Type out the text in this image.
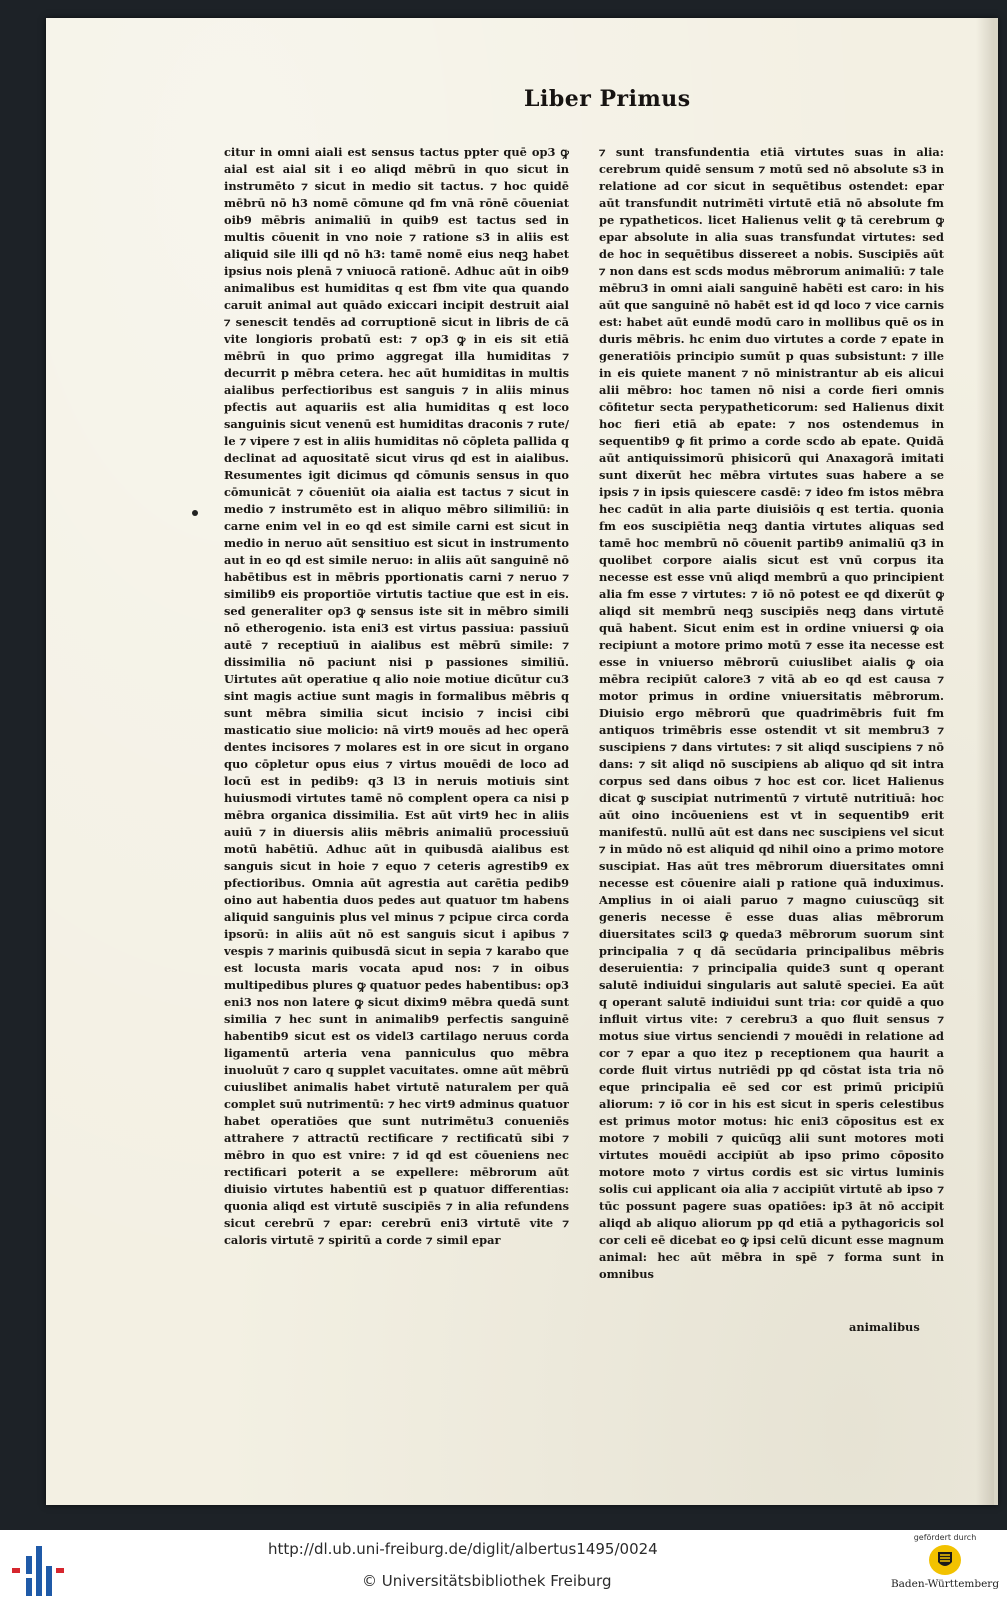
Liber Primus

citur in omni aiali est sensus tactus ppter quē op3 ꝙ aial est aial sit i eo aliqd mēbrū in quo sicut in instrumēto ⁊ sicut in medio sit tactus. ⁊ hoc quidē mēbrū nō h3 nomē cōmune qd fm vnā rōnē cōueniat oib9 mēbris animaliū in quib9 est tactus sed in multis cōuenit in vno noie ⁊ ratione s3 in aliis est aliquid sile illi qd nō h3: tamē nomē eius neqꝫ habet ipsius nois plenā ⁊ vniuocā rationē. Adhuc aūt in oib9 animalibus est humiditas q est fbm vite qua quando caruit animal aut quādo exiccari incipit destruit aial ⁊ senescit tendēs ad corruptionē sicut in libris de cā vite longioris probatū est: ⁊ op3 ꝙ in eis sit etiā mēbrū in quo primo aggregat illa humiditas ⁊ decurrit p mēbra cetera. hec aūt humiditas in multis aialibus perfectioribus est sanguis ⁊ in aliis minus pfectis aut aquariis est alia humiditas q est loco sanguinis sicut venenū est humiditas draconis ⁊ rute/ le ⁊ vipere ⁊ est in aliis humiditas nō cōpleta pallida q declinat ad aquositatē sicut virus qd est in aialibus. Resumentes igit dicimus qd cōmunis sensus in quo cōmunicāt ⁊ cōueniūt oia aialia est tactus ⁊ sicut in medio ⁊ instrumēto est in aliquo mēbro silimiliū: in carne enim vel in eo qd est simile carni est sicut in medio in neruo aūt sensitiuo est sicut in instrumento aut in eo qd est simile neruo: in aliis aūt sanguinē nō habētibus est in mēbris pportionatis carni ⁊ neruo ⁊ similib9 eis proportiōe virtutis tactiue que est in eis. sed generaliter op3 ꝙ sensus iste sit in mēbro simili nō etherogenio. ista eni3 est virtus passiua: passiuū autē ⁊ receptiuū in aialibus est mēbrū simile: ⁊ dissimilia nō paciunt nisi p passiones similiū. Uirtutes aūt operatiue q alio noie motiue dicūtur cu3 sint magis actiue sunt magis in formalibus mēbris q sunt mēbra similia sicut incisio ⁊ incisi cibi masticatio siue molicio: nā virt9 mouēs ad hec operā dentes incisores ⁊ molares est in ore sicut in organo quo cōpletur opus eius ⁊ virtus mouēdi de loco ad locū est in pedib9: q3 l3 in neruis motiuis sint huiusmodi virtutes tamē nō complent opera ca nisi p mēbra organica dissimilia. Est aūt virt9 hec in aliis auiū ⁊ in diuersis aliis mēbris animaliū processiuū motū habētiū. Adhuc aūt in quibusdā aialibus est sanguis sicut in hoie ⁊ equo ⁊ ceteris agrestib9 ex pfectioribus. Omnia aūt agrestia aut carētia pedib9 oino aut habentia duos pedes aut quatuor tm habens aliquid sanguinis plus vel minus ⁊ pcipue circa corda ipsorū: in aliis aūt nō est sanguis sicut i apibus ⁊ vespis ⁊ marinis quibusdā sicut in sepia ⁊ karabo que est locusta maris vocata apud nos: ⁊ in oibus multipedibus plures ꝙ quatuor pedes habentibus: op3 eni3 nos non latere ꝙ sicut dixim9 mēbra quedā sunt similia ⁊ hec sunt in animalib9 perfectis sanguinē habentib9 sicut est os videl3 cartilago neruus corda ligamentū arteria vena panniculus quo mēbra inuoluūt ⁊ caro q supplet vacuitates. omne aūt mēbrū cuiuslibet animalis habet virtutē naturalem per quā complet suū nutrimentū: ⁊ hec virt9 adminus quatuor habet operatiōes que sunt nutrimētu3 conueniēs attrahere ⁊ attractū rectificare ⁊ rectificatū sibi ⁊ mēbro in quo est vnire: ⁊ id qd est cōueniens nec rectificari poterit a se expellere: mēbrorum aūt diuisio virtutes habentiū est p quatuor differentias: quonia aliqd est virtutē suscipiēs ⁊ in alia refundens sicut cerebrū ⁊ epar: cerebrū eni3 virtutē vite ⁊ caloris virtutē ⁊ spiritū a corde ⁊ simil epar

⁊ sunt transfundentia etiā virtutes suas in alia: cerebrum quidē sensum ⁊ motū sed nō absolute s3 in relatione ad cor sicut in sequētibus ostendet: epar aūt transfundit nutrimēti virtutē etiā nō absolute fm pe rypatheticos. licet Halienus velit ꝙ tā cerebrum ꝙ epar absolute in alia suas transfundat virtutes: sed de hoc in sequētibus dissereet a nobis. Suscipiēs aūt ⁊ non dans est scds modus mēbrorum animaliū: ⁊ tale mēbru3 in omni aiali sanguinē habēti est caro: in his aūt que sanguinē nō habēt est id qd loco ⁊ vice carnis est: habet aūt eundē modū caro in mollibus quē os in duris mēbris. hc enim duo virtutes a corde ⁊ epate in generatiōis principio sumūt p quas subsistunt: ⁊ ille in eis quiete manent ⁊ nō ministrantur ab eis alicui alii mēbro: hoc tamen nō nisi a corde fieri omnis cōfitetur secta perypatheticorum: sed Halienus dixit hoc fieri etiā ab epate: ⁊ nos ostendemus in sequentib9 ꝙ fit primo a corde scdo ab epate. Quidā aūt antiquissimorū phisicorū qui Anaxagorā imitati sunt dixerūt hec mēbra virtutes suas habere a se ipsis ⁊ in ipsis quiescere casdē: ⁊ ideo fm istos mēbra hec cadūt in alia parte diuisiōis q est tertia. quonia fm eos suscipiētia neqꝫ dantia virtutes aliquas sed tamē hoc membrū nō cōuenit partib9 animaliū q3 in quolibet corpore aialis sicut est vnū corpus ita necesse est esse vnū aliqd membrū a quo principient alia fm esse ⁊ virtutes: ⁊ iō nō potest ee qd dixerūt ꝙ aliqd sit membrū neqꝫ suscipiēs neqꝫ dans virtutē quā habent. Sicut enim est in ordine vniuersi ꝙ oia recipiunt a motore primo motū ⁊ esse ita necesse est esse in vniuerso mēbrorū cuiuslibet aialis ꝙ oia mēbra recipiūt calore3 ⁊ vitā ab eo qd est causa ⁊ motor primus in ordine vniuersitatis mēbrorum. Diuisio ergo mēbrorū que quadrimēbris fuit fm antiquos trimēbris esse ostendit vt sit membru3 ⁊ suscipiens ⁊ dans virtutes: ⁊ sit aliqd suscipiens ⁊ nō dans: ⁊ sit aliqd nō suscipiens ab aliquo qd sit intra corpus sed dans oibus ⁊ hoc est cor. licet Halienus dicat ꝙ suscipiat nutrimentū ⁊ virtutē nutritiuā: hoc aūt oino incōueniens est vt in sequentib9 erit manifestū. nullū aūt est dans nec suscipiens vel sicut ⁊ in mūdo nō est aliquid qd nihil oino a primo motore suscipiat. Has aūt tres mēbrorum diuersitates omni necesse est cōuenire aiali p ratione quā induximus. Amplius in oi aiali paruo ⁊ magno cuiuscūqꝫ sit generis necesse ē esse duas alias mēbrorum diuersitates scil3 ꝙ queda3 mēbrorum suorum sint principalia ⁊ q dā secūdaria principalibus mēbris deseruientia: ⁊ principalia quide3 sunt q operant salutē indiuidui singularis aut salutē speciei. Ea aūt q operant salutē indiuidui sunt tria: cor quidē a quo influit virtus vite: ⁊ cerebru3 a quo fluit sensus ⁊ motus siue virtus senciendi ⁊ mouēdi in relatione ad cor ⁊ epar a quo itez p receptionem qua haurit a corde fluit virtus nutriēdi pp qd cōstat ista tria nō eque principalia eē sed cor est primū pricipiū aliorum: ⁊ iō cor in his est sicut in speris celestibus est primus motor motus: hic eni3 cōpositus est ex motore ⁊ mobili ⁊ quicūqꝫ alii sunt motores moti virtutes mouēdi accipiūt ab ipso primo cōposito motore moto ⁊ virtus cordis est sic virtus luminis solis cui applicant oia alia ⁊ accipiūt virtutē ab ipso ⁊ tūc possunt pagere suas opatiōes: ip3 āt nō accipit aliqd ab aliquo aliorum pp qd etiā a pythagoricis sol cor celi eē dicebat eo ꝙ ipsi celū dicunt esse magnum animal: hec aūt mēbra in spē ⁊ forma sunt in omnibus

animalibus
http://dl.ub.uni-freiburg.de/diglit/albertus1495/0024
© Universitätsbibliothek Freiburg
gefördert durch
Baden-Württemberg
